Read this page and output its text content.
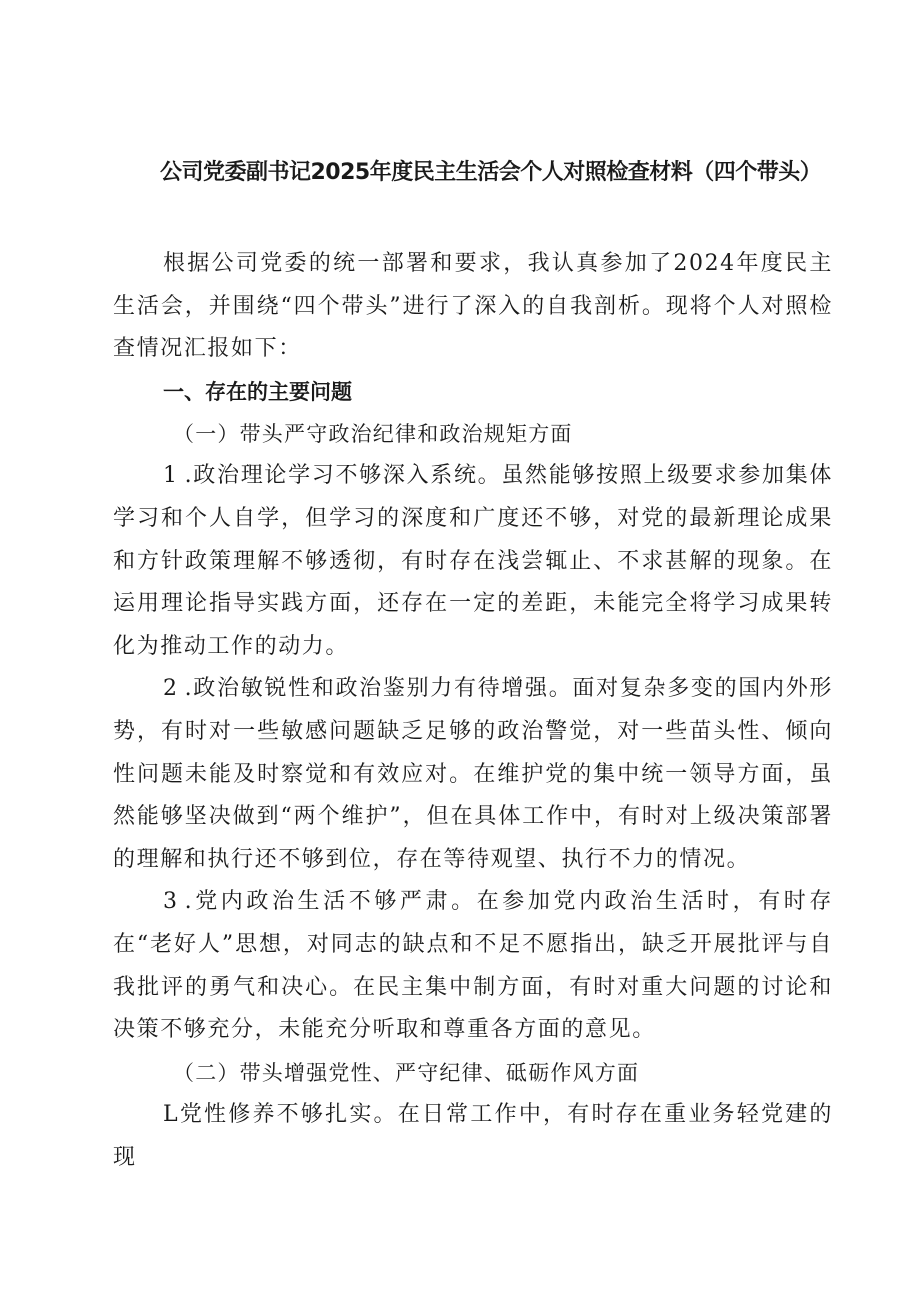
公司党委副书记2025年度民主生活会个人对照检查材料（四个带头）

根据公司党委的统一部署和要求，我认真参加了2024年度民主生活会，并围绕“四个带头”进行了深入的自我剖析。现将个人对照检查情况汇报如下：

一、存在的主要问题

（一）带头严守政治纪律和政治规矩方面

1 .政治理论学习不够深入系统。虽然能够按照上级要求参加集体学习和个人自学，但学习的深度和广度还不够，对党的最新理论成果和方针政策理解不够透彻，有时存在浅尝辄止、不求甚解的现象。在运用理论指导实践方面，还存在一定的差距，未能完全将学习成果转化为推动工作的动力。

2 .政治敏锐性和政治鉴别力有待增强。面对复杂多变的国内外形势，有时对一些敏感问题缺乏足够的政治警觉，对一些苗头性、倾向性问题未能及时察觉和有效应对。在维护党的集中统一领导方面，虽然能够坚决做到“两个维护”，但在具体工作中，有时对上级决策部署的理解和执行还不够到位，存在等待观望、执行不力的情况。

3 .党内政治生活不够严肃。在参加党内政治生活时，有时存在“老好人”思想，对同志的缺点和不足不愿指出，缺乏开展批评与自我批评的勇气和决心。在民主集中制方面，有时对重大问题的讨论和决策不够充分，未能充分听取和尊重各方面的意见。

（二）带头增强党性、严守纪律、砥砺作风方面

L党性修养不够扎实。在日常工作中，有时存在重业务轻党建的现
